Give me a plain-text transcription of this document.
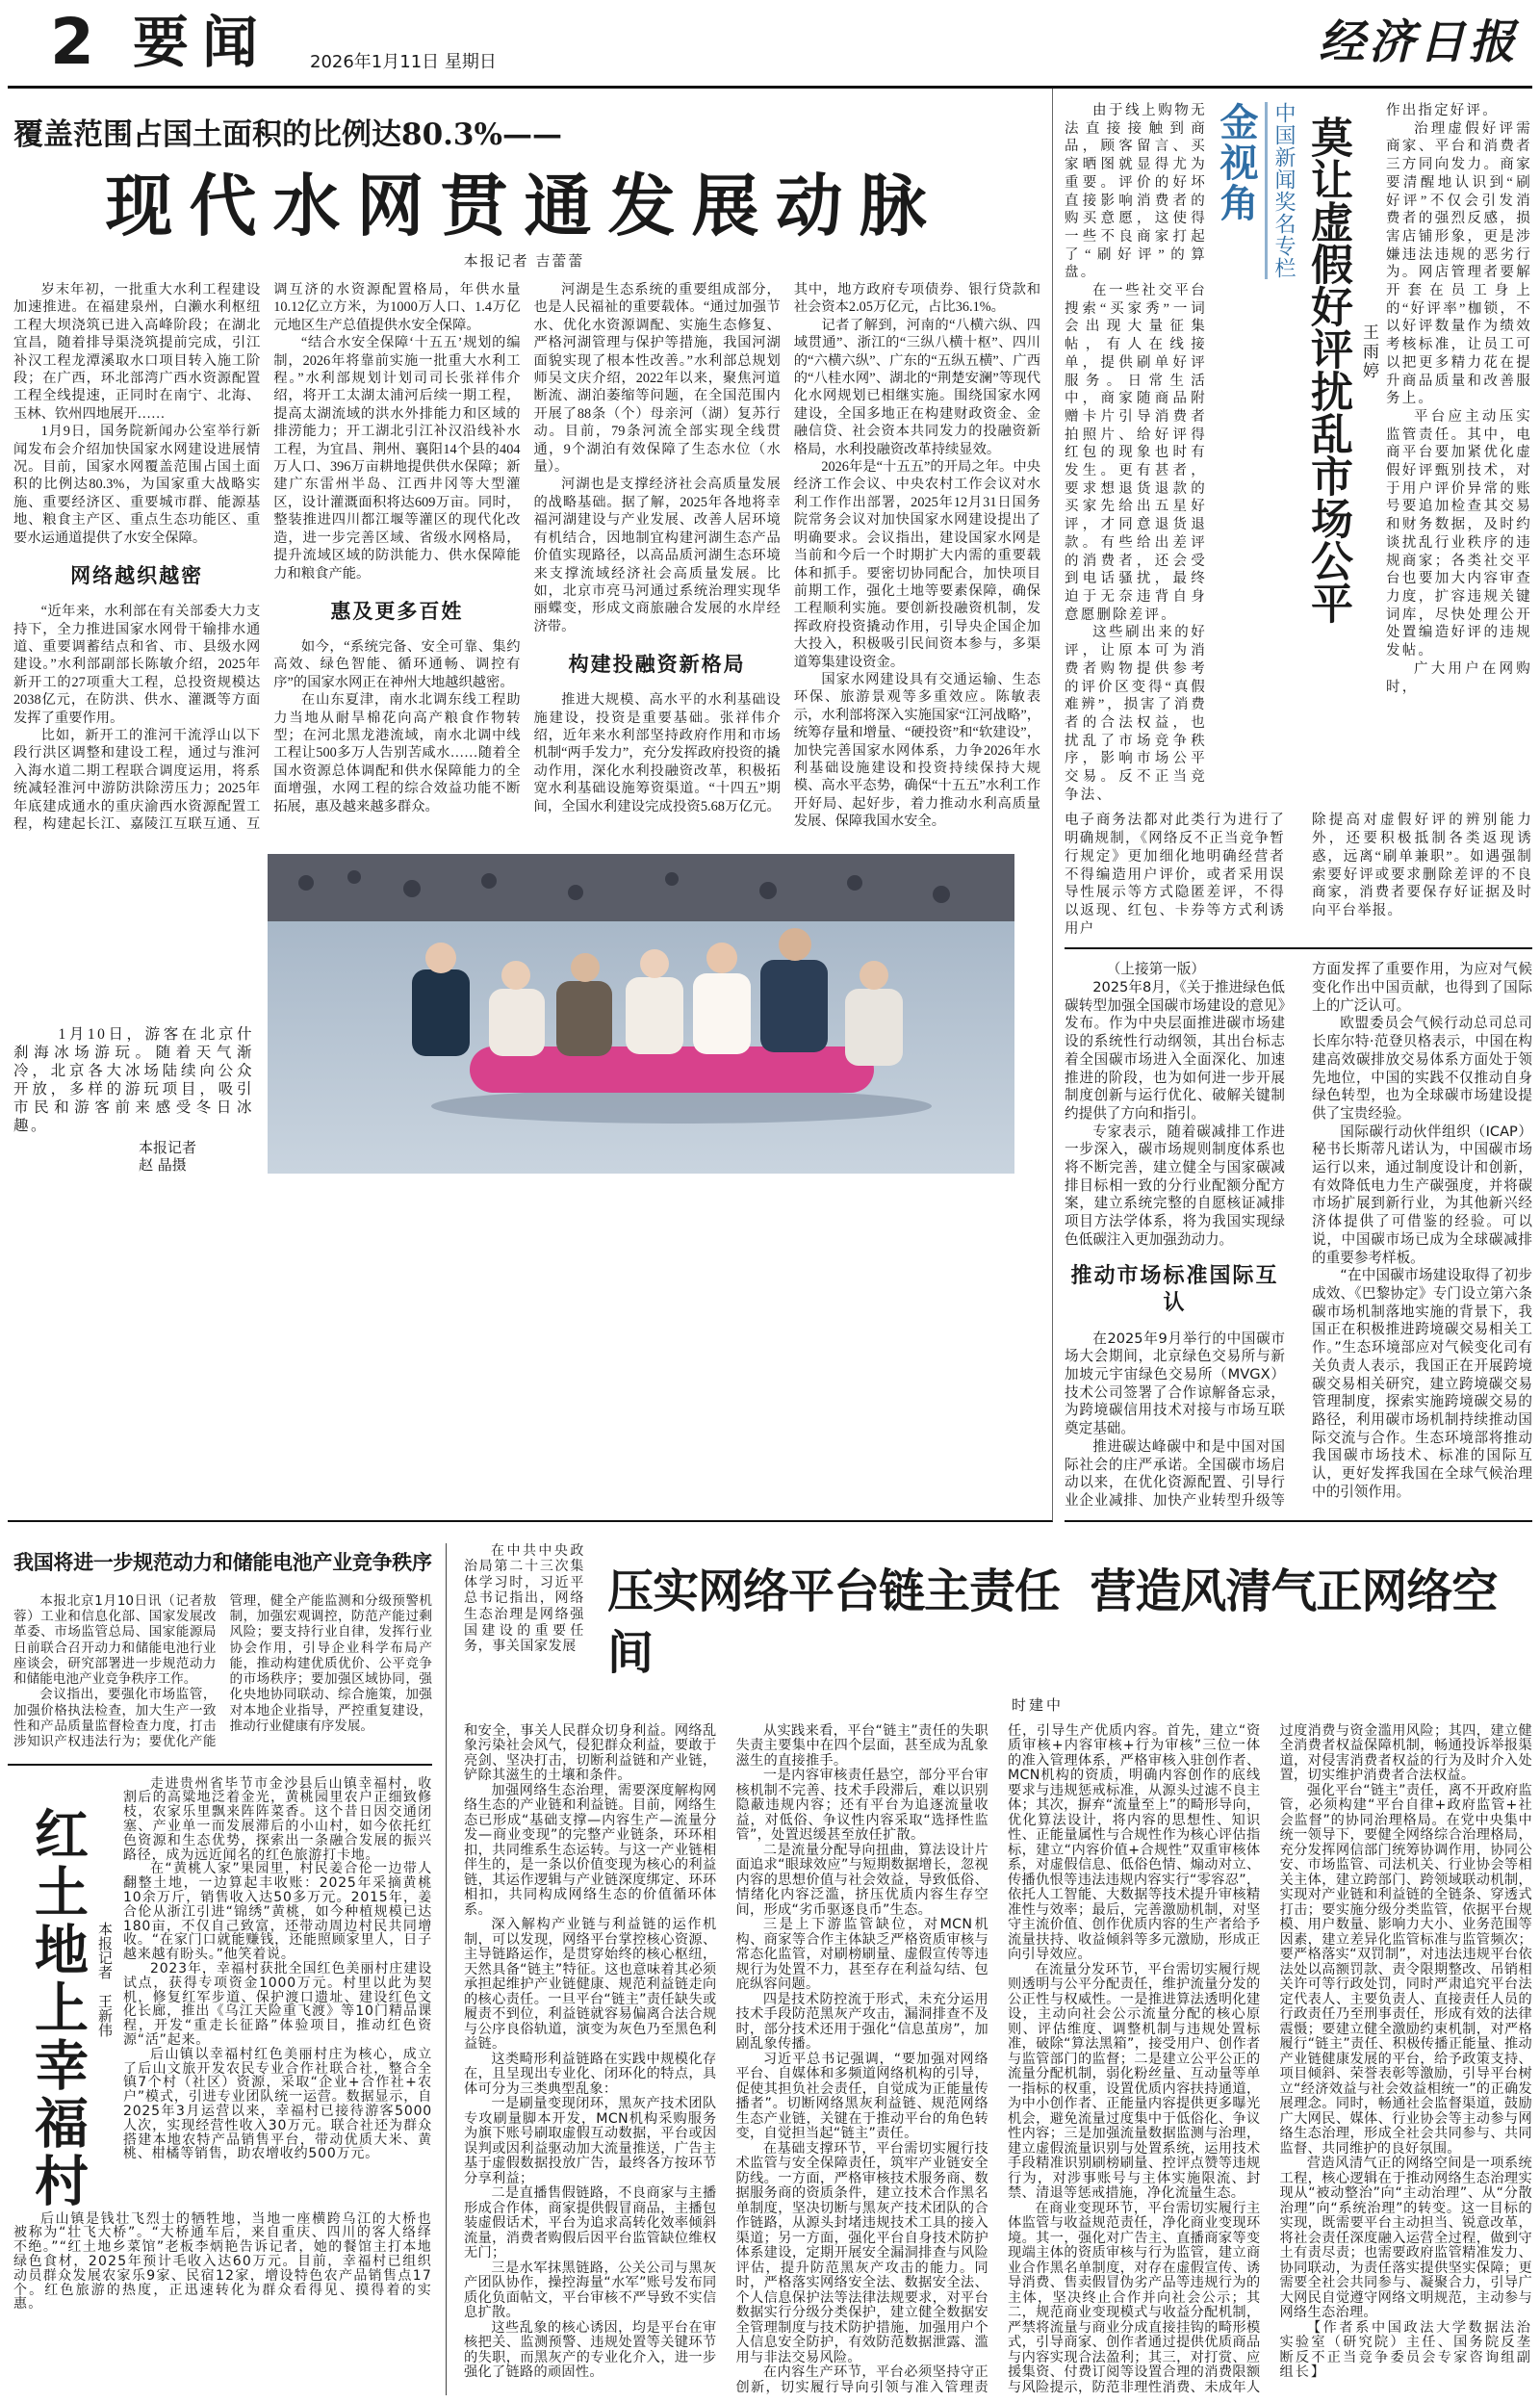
2 要闻 2026年1月11日 星期日	经济日报
覆盖范围占国土面积的比例达80.3%——
现代水网贯通发展动脉
本报记者 吉蕾蕾

岁末年初，一批重大水利工程建设加速推进。在福建泉州，白濑水利枢纽工程大坝浇筑已进入高峰阶段；在湖北宜昌，随着排导渠浇筑提前完成，引江补汉工程龙潭溪取水口项目转入施工阶段；在广西，环北部湾广西水资源配置工程全线提速，正同时在南宁、北海、玉林、钦州四地展开……

1月9日，国务院新闻办公室举行新闻发布会介绍加快国家水网建设进展情况。目前，国家水网覆盖范围占国土面积的比例达80.3%，为国家重大战略实施、重要经济区、重要城市群、能源基地、粮食主产区、重点生态功能区、重要水运通道提供了水安全保障。

网络越织越密

“近年来，水利部在有关部委大力支持下，全力推进国家水网骨干输排水通道、重要调蓄结点和省、市、县级水网建设。”水利部副部长陈敏介绍，2025年新开工的27项重大工程，总投资规模达2038亿元，在防洪、供水、灌溉等方面发挥了重要作用。

比如，新开工的淮河干流浮山以下段行洪区调整和建设工程，通过与淮河入海水道二期工程联合调度运用，将系统减轻淮河中游防洪除涝压力；2025年年底建成通水的重庆渝西水资源配置工程，构建起长江、嘉陵江互联互通、互调互济的水资源配置格局，年供水量10.12亿立方米，为1000万人口、1.4万亿元地区生产总值提供水安全保障。

“结合水安全保障‘十五五’规划的编制，2026年将靠前实施一批重大水利工程。”水利部规划计划司司长张祥伟介绍，将开工太湖太浦河后续一期工程，提高太湖流域的洪水外排能力和区域的排涝能力；开工湖北引江补汉沿线补水工程，为宜昌、荆州、襄阳14个县的404万人口、396万亩耕地提供供水保障；新建广东雷州半岛、江西井冈等大型灌区，设计灌溉面积将达609万亩。同时，整装推进四川都江堰等灌区的现代化改造，进一步完善区域、省级水网格局，提升流域区域的防洪能力、供水保障能力和粮食产能。

惠及更多百姓

如今，“系统完备、安全可靠、集约高效、绿色智能、循环通畅、调控有序”的国家水网正在神州大地越织越密。

在山东夏津，南水北调东线工程助力当地从耐旱棉花向高产粮食作物转型；在河北黑龙港流域，南水北调中线工程让500多万人告别苦咸水……随着全国水资源总体调配和供水保障能力的全面增强，水网工程的综合效益功能不断拓展，惠及越来越多群众。

河湖是生态系统的重要组成部分，也是人民福祉的重要载体。“通过加强节水、优化水资源调配、实施生态修复、严格河湖管理与保护等措施，我国河湖面貌实现了根本性改善。”水利部总规划师吴文庆介绍，2022年以来，聚焦河道断流、湖泊萎缩等问题，在全国范围内开展了88条（个）母亲河（湖）复苏行动。目前，79条河流全部实现全线贯通，9个湖泊有效保障了生态水位（水量）。

河湖也是支撑经济社会高质量发展的战略基础。据了解，2025年各地将幸福河湖建设与产业发展、改善人居环境有机结合，因地制宜构建河湖生态产品价值实现路径，以高品质河湖生态环境来支撑流域经济社会高质量发展。比如，北京市亮马河通过系统治理实现华丽蝶变，形成文商旅融合发展的水岸经济带。

构建投融资新格局

推进大规模、高水平的水利基础设施建设，投资是重要基础。张祥伟介绍，近年来水利部坚持政府作用和市场机制“两手发力”，充分发挥政府投资的撬动作用，深化水利投融资改革，积极拓宽水利基础设施筹资渠道。“十四五”期间，全国水利建设完成投资5.68万亿元。其中，地方政府专项债券、银行贷款和社会资本2.05万亿元，占比36.1%。

记者了解到，河南的“八横六纵、四域贯通”、浙江的“三纵八横十枢”、四川的“六横六纵”、广东的“五纵五横”、广西的“八桂水网”、湖北的“荆楚安澜”等现代化水网规划已相继实施。围绕国家水网建设，全国多地正在构建财政资金、金融信贷、社会资本共同发力的投融资新格局，水利投融资改革持续显效。

2026年是“十五五”的开局之年。中央经济工作会议、中央农村工作会议对水利工作作出部署，2025年12月31日国务院常务会议对加快国家水网建设提出了明确要求。会议指出，建设国家水网是当前和今后一个时期扩大内需的重要载体和抓手。要密切协同配合，加快项目前期工作，强化土地等要素保障，确保工程顺利实施。要创新投融资机制，发挥政府投资撬动作用，引导央企国企加大投入，积极吸引民间资本参与，多渠道筹集建设资金。

国家水网建设具有交通运输、生态环保、旅游景观等多重效应。陈敏表示，水利部将深入实施国家“江河战略”，统筹存量和增量、“硬投资”和“软建设”，加快完善国家水网体系，力争2026年水利基础设施建设和投资持续保持大规模、高水平态势，确保“十五五”水利工作开好局、起好步，着力推动水利高质量发展、保障我国水安全。

1月10日，游客在北京什刹海冰场游玩。随着天气渐冷，北京各大冰场陆续向公众开放，多样的游玩项目，吸引市民和游客前来感受冬日冰趣。
本报记者
赵 晶摄

由于线上购物无法直接接触到商品，顾客留言、买家晒图就显得尤为重要。评价的好坏直接影响消费者的购买意愿，这使得一些不良商家打起了“刷好评”的算盘。

在一些社交平台搜索“买家秀”一词会出现大量征集帖，有人在线接单，提供刷单好评服务。日常生活中，商家随商品附赠卡片引导消费者拍照片、给好评得红包的现象也时有发生。更有甚者，要求想退货退款的买家先给出五星好评，才同意退货退款。有些给出差评的消费者，还会受到电话骚扰，最终迫于无奈违背自身意愿删除差评。

这些刷出来的好评，让原本可为消费者购物提供参考的评价区变得“真假难辨”，损害了消费者的合法权益，也扰乱了市场竞争秩序，影响市场公平交易。反不正当竞争法、

金视角 中国新闻奖名专栏 莫让虚假好评扰乱市场公平 王雨婷

作出指定好评。

治理虚假好评需商家、平台和消费者三方同向发力。商家要清醒地认识到“刷好评”不仅会引发消费者的强烈反感，损害店铺形象，更是涉嫌违法违规的恶劣行为。网店管理者要解开套在员工身上的“好评率”枷锁，不以好评数量作为绩效考核标准，让员工可以把更多精力花在提升商品质量和改善服务上。

平台应主动压实监管责任。其中，电商平台要加紧优化虚假好评甄别技术，对于用户评价异常的账号要追加检查其交易和财务数据，及时约谈扰乱行业秩序的违规商家；各类社交平台也要加大内容审查力度，扩容违规关键词库，尽快处理公开处置编造好评的违规发帖。

广大用户在网购时，

电子商务法都对此类行为进行了明确规制，《网络反不正当竞争暂行规定》更加细化地明确经营者不得编造用户评价，或者采用误导性展示等方式隐匿差评，不得以返现、红包、卡券等方式利诱用户

除提高对虚假好评的辨别能力外，还要积极抵制各类返现诱惑，远离“刷单兼职”。如遇强制索要好评或要求删除差评的不良商家，消费者要保存好证据及时向平台举报。

（上接第一版）

2025年8月，《关于推进绿色低碳转型加强全国碳市场建设的意见》发布。作为中央层面推进碳市场建设的系统性行动纲领，其出台标志着全国碳市场进入全面深化、加速推进的阶段，也为如何进一步开展制度创新与运行优化、破解关键制约提供了方向和指引。

专家表示，随着碳减排工作进一步深入，碳市场规则制度体系也将不断完善，建立健全与国家碳减排目标相一致的分行业配额分配方案，建立系统完整的自愿核证减排项目方法学体系，将为我国实现绿色低碳注入更加强劲动力。

推动市场标准国际互认

在2025年9月举行的中国碳市场大会期间，北京绿色交易所与新加坡元宇宙绿色交易所（MVGX）技术公司签署了合作谅解备忘录，为跨境碳信用技术对接与市场互联奠定基础。

推进碳达峰碳中和是中国对国际社会的庄严承诺。全国碳市场启动以来，在优化资源配置、引导行业企业减排、加快产业转型升级等方面发挥了重要作用，为应对气候变化作出中国贡献，也得到了国际上的广泛认可。

欧盟委员会气候行动总司总司长库尔特·范登贝格表示，中国在构建高效碳排放交易体系方面处于领先地位，中国的实践不仅推动自身绿色转型，也为全球碳市场建设提供了宝贵经验。

国际碳行动伙伴组织（ICAP）秘书长斯蒂凡诺认为，中国碳市场运行以来，通过制度设计和创新，有效降低电力生产碳强度，并将碳市场扩展到新行业，为其他新兴经济体提供了可借鉴的经验。可以说，中国碳市场已成为全球碳减排的重要参考样板。

“在中国碳市场建设取得了初步成效、《巴黎协定》专门设立第六条碳市场机制落地实施的背景下，我国正在积极推进跨境碳交易相关工作。”生态环境部应对气候变化司有关负责人表示，我国正在开展跨境碳交易相关研究，建立跨境碳交易管理制度，探索实施跨境碳交易的路径，利用碳市场机制持续推动国际交流与合作。生态环境部将推动我国碳市场技术、标准的国际互认，更好发挥我国在全球气候治理中的引领作用。

我国将进一步规范动力和储能电池产业竞争秩序

本报北京1月10日讯（记者敖蓉）工业和信息化部、国家发展改革委、市场监管总局、国家能源局日前联合召开动力和储能电池行业座谈会，研究部署进一步规范动力和储能电池产业竞争秩序工作。

会议指出，要强化市场监管，加强价格执法检查，加大生产一致性和产品质量监督检查力度，打击涉知识产权违法行为；要优化产能管理，健全产能监测和分级预警机制，加强宏观调控，防范产能过剩风险；要支持行业自律，发挥行业协会作用，引导企业科学布局产能，推动构建优质优价、公平竞争的市场秩序；要加强区域协同，强化央地协同联动、综合施策，加强对本地企业指导，严控重复建设，推动行业健康有序发展。

红土地上幸福村 本报记者　王新伟

走进贵州省毕节市金沙县后山镇幸福村，收割后的高粱地泛着金光，黄桃园里农户正细致修枝，农家乐里飘来阵阵菜香。这个昔日因交通闭塞、产业单一而发展滞后的小山村，如今依托红色资源和生态优势，探索出一条融合发展的振兴路径，成为远近闻名的红色旅游打卡地。

在“黄桃人家”果园里，村民姜合伦一边带人翻整土地，一边算起丰收账：2025年采摘黄桃10余万斤，销售收入达50多万元。2015年，姜合伦从浙江引进“锦绣”黄桃，如今种植规模已达180亩，不仅自己致富，还带动周边村民共同增收。“在家门口就能赚钱，还能照顾家里人，日子越来越有盼头。”他笑着说。

2023年，幸福村获批全国红色美丽村庄建设试点，获得专项资金1000万元。村里以此为契机，修复红军步道、保护渡口遗址、建设红色文化长廊，推出《乌江天险重飞渡》等10门精品课程，开发“重走长征路”体验项目，推动红色资源“活”起来。

后山镇以幸福村红色美丽村庄为核心，成立了后山文旅开发农民专业合作社联合社，整合全镇7个村（社区）资源，采取“企业+合作社+农户”模式，引进专业团队统一运营。数据显示，自2025年3月运营以来，幸福村已接待游客5000人次，实现经营性收入30万元。联合社还为群众搭建本地农特产品销售平台，带动优质大米、黄桃、柑橘等销售，助农增收约500万元。

后山镇是钱壮飞烈士的牺牲地，当地一座横跨乌江的大桥也被称为“壮飞大桥”。“大桥通车后，来自重庆、四川的客人络绎不绝。”“红土地乡菜馆”老板李炳艳告诉记者，她的餐馆主打本地绿色食材，2025年预计毛收入达60万元。目前，幸福村已组织动员群众发展农家乐9家、民宿12家，增设特色农产品销售点17个。红色旅游的热度，正迅速转化为群众看得见、摸得着的实惠。

在中共中央政治局第二十三次集体学习时，习近平总书记指出，网络生态治理是网络强国建设的重要任务，事关国家发展
压实网络平台链主责任  营造风清气正网络空间
时建中

和安全，事关人民群众切身利益。网络乱象污染社会风气，侵犯群众利益，要敢于亮剑、坚决打击，切断利益链和产业链，铲除其滋生的土壤和条件。

加强网络生态治理，需要深度解构网络生态的产业链和利益链。目前，网络生态已形成“基础支撑—内容生产—流量分发—商业变现”的完整产业链条，环环相扣，共同维系生态运转。与这一产业链相伴生的，是一条以价值变现为核心的利益链，其运作逻辑与产业链深度绑定、环环相扣，共同构成网络生态的价值循环体系。

深入解构产业链与利益链的运作机制，可以发现，网络平台掌控核心资源、主导链路运作，是贯穿始终的核心枢纽，天然具备“链主”特征。这也意味着其必须承担起维护产业链健康、规范利益链走向的核心责任。一旦平台“链主”责任缺失或履责不到位，利益链就容易偏离合法合规与公序良俗轨道，演变为灰色乃至黑色利益链。

这类畸形利益链路在实践中规模化存在，且呈现出专业化、闭环化的特点，具体可分为三类典型乱象：

一是刷量变现闭环，黑灰产技术团队专攻刷量脚本开发，MCN机构采购服务为旗下账号刷取虚假互动数据，平台或因误判或因利益驱动加大流量推送，广告主基于虚假数据投放广告，最终各方按环节分享利益；

二是直播售假链路，不良商家与主播形成合作体，商家提供假冒商品，主播包装虚假话术，平台为追求高转化效率倾斜流量，消费者购假后因平台监管缺位维权无门；

三是水军抹黑链路，公关公司与黑灰产团队协作，操控海量“水军”账号发布同质化负面帖文，平台审核不严导致不实信息扩散。

这些乱象的核心诱因，均是平台在审核把关、监测预警、违规处置等关键环节的失职，而黑灰产的专业化介入，进一步强化了链路的顽固性。

从实践来看，平台“链主”责任的失职失责主要集中在四个层面，甚至成为乱象滋生的直接推手。

一是内容审核责任悬空，部分平台审核机制不完善、技术手段滞后，难以识别隐蔽违规内容；还有平台为追逐流量收益，对低俗、争议性内容采取“选择性监管”，处置迟缓甚至放任扩散。

二是流量分配导向扭曲，算法设计片面追求“眼球效应”与短期数据增长，忽视内容的思想价值与社会效益，导致低俗、情绪化内容泛滥，挤压优质内容生存空间，形成“劣币驱逐良币”生态。

三是上下游监管缺位，对MCN机构、商家等合作主体缺乏严格资质审核与常态化监管，对刷榜刷量、虚假宣传等违规行为处置不力，甚至存在利益勾结、包庇纵容问题。

四是技术防控流于形式，未充分运用技术手段防范黑灰产攻击，漏洞排查不及时，部分技术还用于强化“信息茧房”，加剧乱象传播。

习近平总书记强调，“要加强对网络平台、自媒体和多频道网络机构的引导，促使其担负社会责任，自觉成为正能量传播者”。切断网络黑灰利益链、规范网络生态产业链，关键在于推动平台的角色转变，自觉担当起“链主”责任。

在基础支撑环节，平台需切实履行技术监管与安全保障责任，筑牢产业链安全防线。一方面，严格审核技术服务商、数据服务商的资质条件，建立技术合作黑名单制度，坚决切断与黑灰产技术团队的合作链路，从源头封堵违规技术工具的接入渠道；另一方面，强化平台自身技术防护体系建设，定期开展安全漏洞排查与风险评估，提升防范黑灰产攻击的能力。同时，严格落实网络安全法、数据安全法、个人信息保护法等法律法规要求，对平台数据实行分级分类保护，建立健全数据安全管理制度与技术防护措施，加强用户个人信息安全防护，有效防范数据泄露、滥用与非法交易风险。

在内容生产环节，平台必须坚持守正创新，切实履行导向引领与准入管理责任，引导生产优质内容。首先，建立“资质审核+内容审核+行为审核”三位一体的准入管理体系，严格审核入驻创作者、MCN机构的资质，明确内容创作的底线要求与违规惩戒标准，从源头过滤不良主体；其次，摒弃“流量至上”的畸形导向，优化算法设计，将内容的思想性、知识性、正能量属性与合规性作为核心评估指标，建立“内容价值+合规性”双重审核体系，对虚假信息、低俗色情、煽动对立、传播仇恨等违法违规内容实行“零容忍”，依托人工智能、大数据等技术提升审核精准性与效率；最后，完善激励机制，对坚守主流价值、创作优质内容的生产者给予流量扶持、收益倾斜等多元激励，形成正向引导效应。

在流量分发环节，平台需切实履行规则透明与公平分配责任，维护流量分发的公正性与权威性。一是推进算法透明化建设，主动向社会公示流量分配的核心原则、评估维度、调整机制与违规处置标准，破除“算法黑箱”，接受用户、创作者与监管部门的监督；二是建立公平公正的流量分配机制，弱化粉丝量、互动量等单一指标的权重，设置优质内容扶持通道，为中小创作者、正能量内容提供更多曝光机会，避免流量过度集中于低俗化、争议性内容；三是加强流量数据监测与治理，建立虚假流量识别与处置系统，运用技术手段精准识别刷榜刷量、控评点赞等违规行为，对涉事账号与主体实施限流、封禁、清退等惩戒措施，净化流量生态。

在商业变现环节，平台需切实履行主体监管与收益规范责任，净化商业变现环境。其一，强化对广告主、直播商家等变现端主体的资质审核与行为监管，建立商业合作黑名单制度，对存在虚假宣传、诱导消费、售卖假冒伪劣产品等违规行为的主体，坚决终止合作并向社会公示；其二，规范商业变现模式与收益分配机制，严禁将流量与商业分成直接挂钩的畸形模式，引导商家、创作者通过提供优质商品与内容实现合法盈利；其三，对打赏、应援集资、付费订阅等设置合理的消费限额与风险提示，防范非理性消费、未成年人过度消费与资金滥用风险；其四，建立健全消费者权益保障机制，畅通投诉举报渠道，对侵害消费者权益的行为及时介入处置，切实维护消费者合法权益。

强化平台“链主”责任，离不开政府监管，必须构建“平台自律+政府监管+社会监督”的协同治理格局。在党中央集中统一领导下，要健全网络综合治理格局，充分发挥网信部门统筹协调作用，协同公安、市场监管、司法机关、行业协会等相关主体，建立跨部门、跨领域联动机制，实现对产业链和利益链的全链条、穿透式打击；要实施分级分类监管，依据平台规模、用户数量、影响力大小、业务范围等因素，建立差异化监管标准与监管频次；要严格落实“双罚制”，对违法违规平台依法处以高额罚款、责令限期整改、吊销相关许可等行政处罚，同时严肃追究平台法定代表人、主要负责人、直接责任人员的行政责任乃至刑事责任，形成有效的法律震慑；要建立健全激励约束机制，对严格履行“链主”责任、积极传播正能量、推动产业链健康发展的平台，给予政策支持、项目倾斜、荣誉表彰等激励，引导平台树立“经济效益与社会效益相统一”的正确发展理念。同时，畅通社会监督渠道，鼓励广大网民、媒体、行业协会等主动参与网络生态治理，形成全社会共同参与、共同监督、共同维护的良好氛围。

营造风清气正的网络空间是一项系统工程，核心逻辑在于推动网络生态治理实现从“被动整治”向“主动治理”、从“分散治理”向“系统治理”的转变。这一目标的实现，既需要平台主动担当、锐意改革，将社会责任深度融入运营全过程，做到守土有责尽责；也需要政府监管精准发力、协同联动，为责任落实提供坚实保障；更需要全社会共同参与、凝聚合力，引导广大网民自觉遵守网络文明规范，主动参与网络生态治理。

【作者系中国政法大学数据法治实验室（研究院）主任、国务院反垄断反不正当竞争委员会专家咨询组副组长】
